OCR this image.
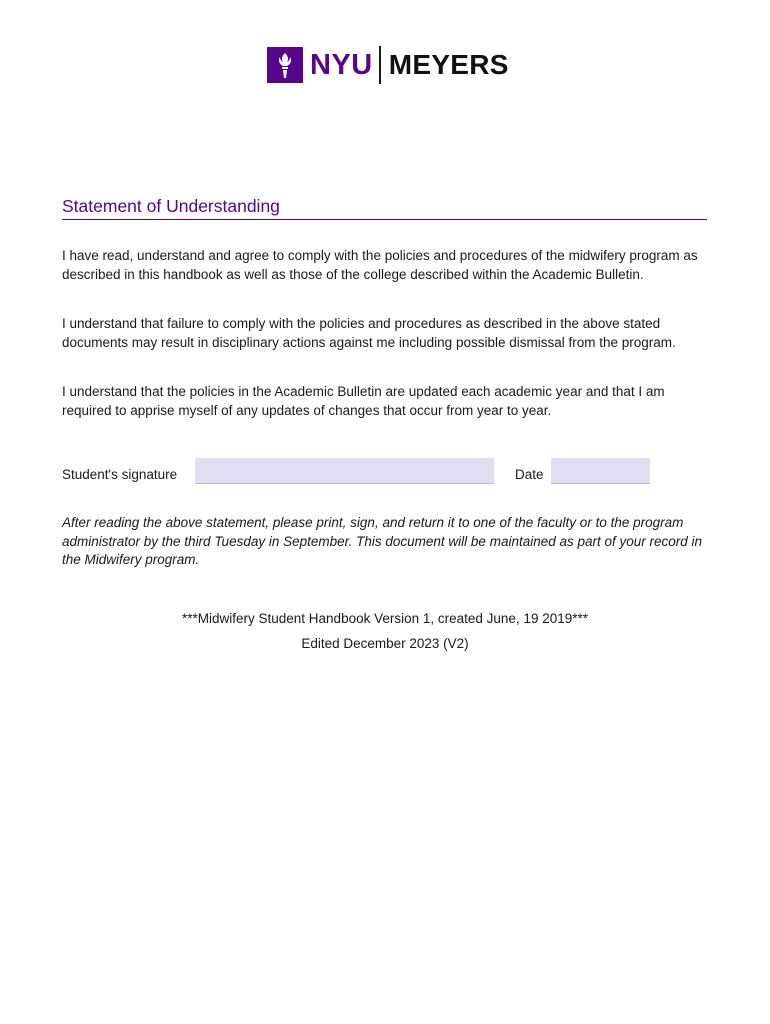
NYU MEYERS
Statement of Understanding

I have read, understand and agree to comply with the policies and procedures of the midwifery program as described in this handbook as well as those of the college described within the Academic Bulletin.

I understand that failure to comply with the policies and procedures as described in the above stated documents may result in disciplinary actions against me including possible dismissal from the program.

I understand that the policies in the Academic Bulletin are updated each academic year and that I am required to apprise myself of any updates of changes that occur from year to year.

Student's signature	Date

After reading the above statement, please print, sign, and return it to one of the faculty or to the program administrator by the third Tuesday in September. This document will be maintained as part of your record in the Midwifery program.

***Midwifery Student Handbook Version 1, created June, 19 2019***
Edited December 2023 (V2)
